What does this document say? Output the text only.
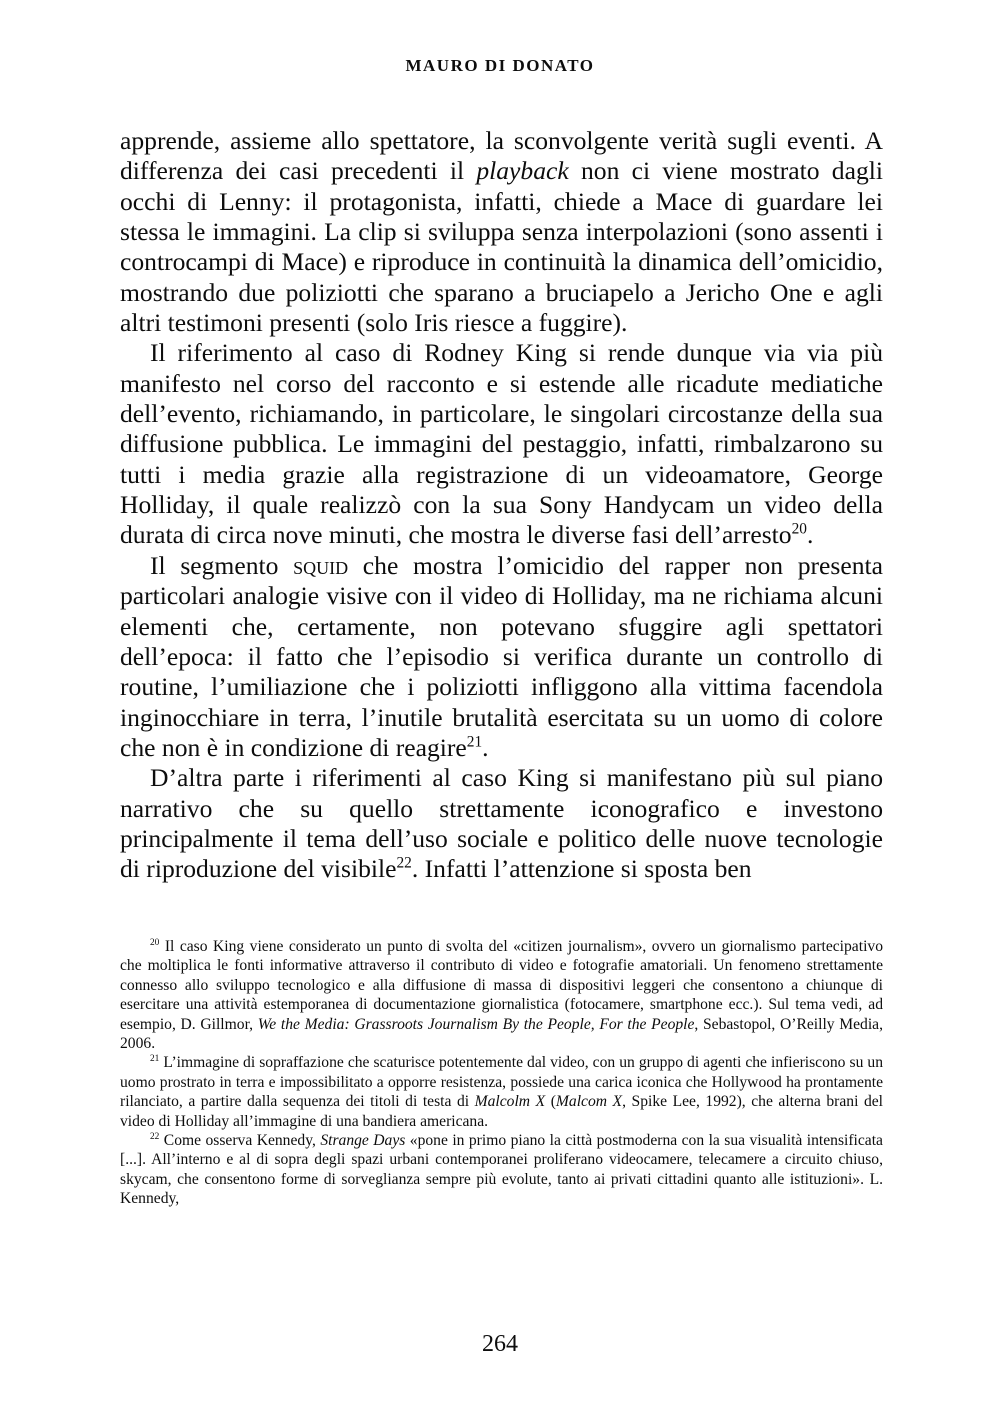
MAURO DI DONATO

apprende, assieme allo spettatore, la sconvolgente verità sugli eventi. A differenza dei casi precedenti il playback non ci viene mostrato dagli occhi di Lenny: il protagonista, infatti, chiede a Mace di guardare lei stessa le immagini. La clip si sviluppa senza interpolazioni (sono assenti i controcampi di Mace) e riproduce in continuità la dinamica dell’omicidio, mostrando due poliziotti che sparano a bruciapelo a Jericho One e agli altri testimoni presenti (solo Iris riesce a fuggire).

Il riferimento al caso di Rodney King si rende dunque via via più manifesto nel corso del racconto e si estende alle ricadute mediatiche dell’evento, richiamando, in particolare, le singolari circostanze della sua diffusione pubblica. Le immagini del pestaggio, infatti, rimbalzarono su tutti i media grazie alla registrazione di un videoamatore, George Holliday, il quale realizzò con la sua Sony Handycam un video della durata di circa nove minuti, che mostra le diverse fasi dell’arresto$^{20}$.

Il segmento squid che mostra l’omicidio del rapper non presenta particolari analogie visive con il video di Holliday, ma ne richiama alcuni elementi che, certamente, non potevano sfuggire agli spettatori dell’epoca: il fatto che l’episodio si verifica durante un controllo di routine, l’umiliazione che i poliziotti infliggono alla vittima facendola inginocchiare in terra, l’inutile brutalità esercitata su un uomo di colore che non è in condizione di reagire$^{21}$.

D’altra parte i riferimenti al caso King si manifestano più sul piano narrativo che su quello strettamente iconografico e investono principalmente il tema dell’uso sociale e politico delle nuove tecnologie di riproduzione del visibile$^{22}$. Infatti l’attenzione si sposta ben

$^{20}$ Il caso King viene considerato un punto di svolta del «citizen journalism», ovvero un giornalismo partecipativo che moltiplica le fonti informative attraverso il contributo di video e fotografie amatoriali. Un fenomeno strettamente connesso allo sviluppo tecnologico e alla diffusione di massa di dispositivi leggeri che consentono a chiunque di esercitare una attività estemporanea di documentazione giornalistica (fotocamere, smartphone ecc.). Sul tema vedi, ad esempio, D. Gillmor, We the Media: Grassroots Journalism By the People, For the People, Sebastopol, O’Reilly Media, 2006.

$^{21}$ L’immagine di sopraffazione che scaturisce potentemente dal video, con un gruppo di agenti che infieriscono su un uomo prostrato in terra e impossibilitato a opporre resistenza, possiede una carica iconica che Hollywood ha prontamente rilanciato, a partire dalla sequenza dei titoli di testa di Malcolm X (Malcom X, Spike Lee, 1992), che alterna brani del video di Holliday all’immagine di una bandiera americana.

$^{22}$ Come osserva Kennedy, Strange Days «pone in primo piano la città postmoderna con la sua visualità intensificata [...]. All’interno e al di sopra degli spazi urbani contemporanei proliferano videocamere, telecamere a circuito chiuso, skycam, che consentono forme di sorveglianza sempre più evolute, tanto ai privati cittadini quanto alle istituzioni». L. Kennedy,

264
